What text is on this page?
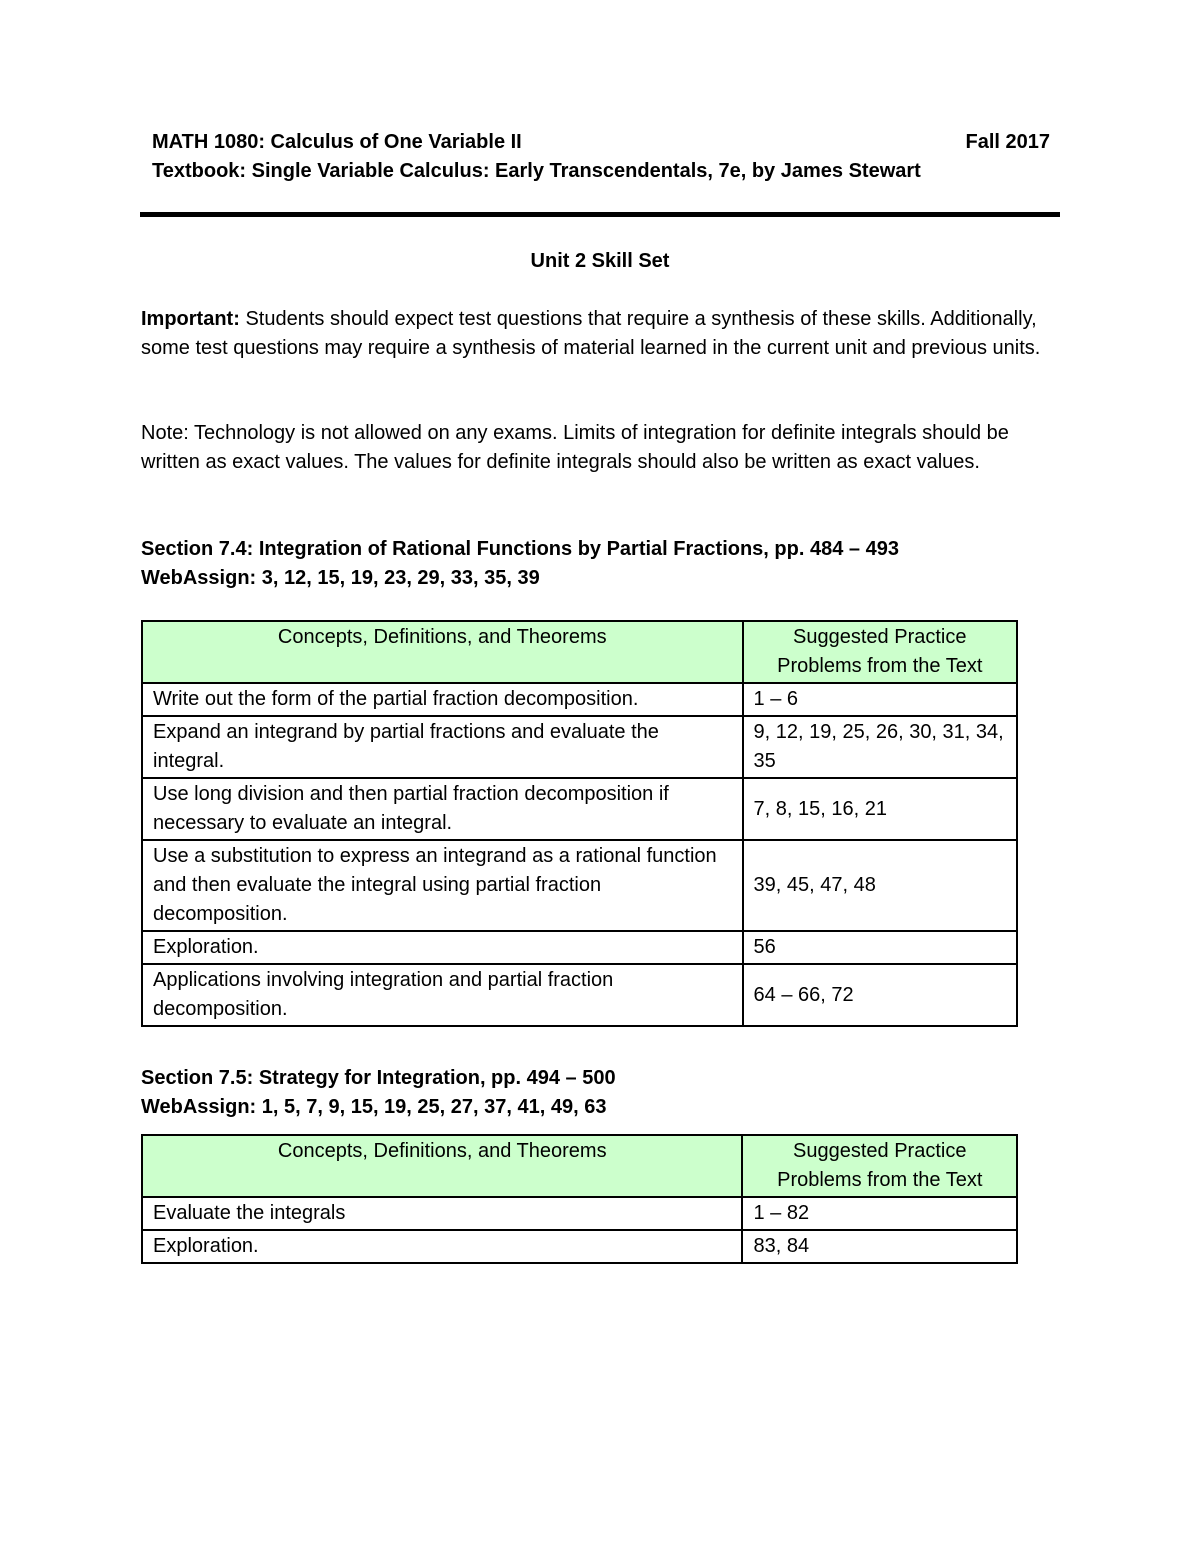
MATH 1080: Calculus of One Variable II	Fall 2017
Textbook: Single Variable Calculus: Early Transcendentals, 7e, by James Stewart
Unit 2 Skill Set
Important: Students should expect test questions that require a synthesis of these skills. Additionally, some test questions may require a synthesis of material learned in the current unit and previous units.
Note: Technology is not allowed on any exams. Limits of integration for definite integrals should be written as exact values. The values for definite integrals should also be written as exact values.
Section 7.4: Integration of Rational Functions by Partial Fractions, pp. 484 – 493
WebAssign: 3, 12, 15, 19, 23, 29, 33, 35, 39
Concepts, Definitions, and Theorems	Suggested Practice Problems from the Text
Write out the form of the partial fraction decomposition.	1 – 6
Expand an integrand by partial fractions and evaluate the integral.	9, 12, 19, 25, 26, 30, 31, 34, 35
Use long division and then partial fraction decomposition if necessary to evaluate an integral.	7, 8, 15, 16, 21
Use a substitution to express an integrand as a rational function and then evaluate the integral using partial fraction decomposition.	39, 45, 47, 48
Exploration.	56
Applications involving integration and partial fraction decomposition.	64 – 66, 72
Section 7.5: Strategy for Integration, pp. 494 – 500
WebAssign: 1, 5, 7, 9, 15, 19, 25, 27, 37, 41, 49, 63
Concepts, Definitions, and Theorems	Suggested Practice Problems from the Text
Evaluate the integrals	1 – 82
Exploration.	83, 84
